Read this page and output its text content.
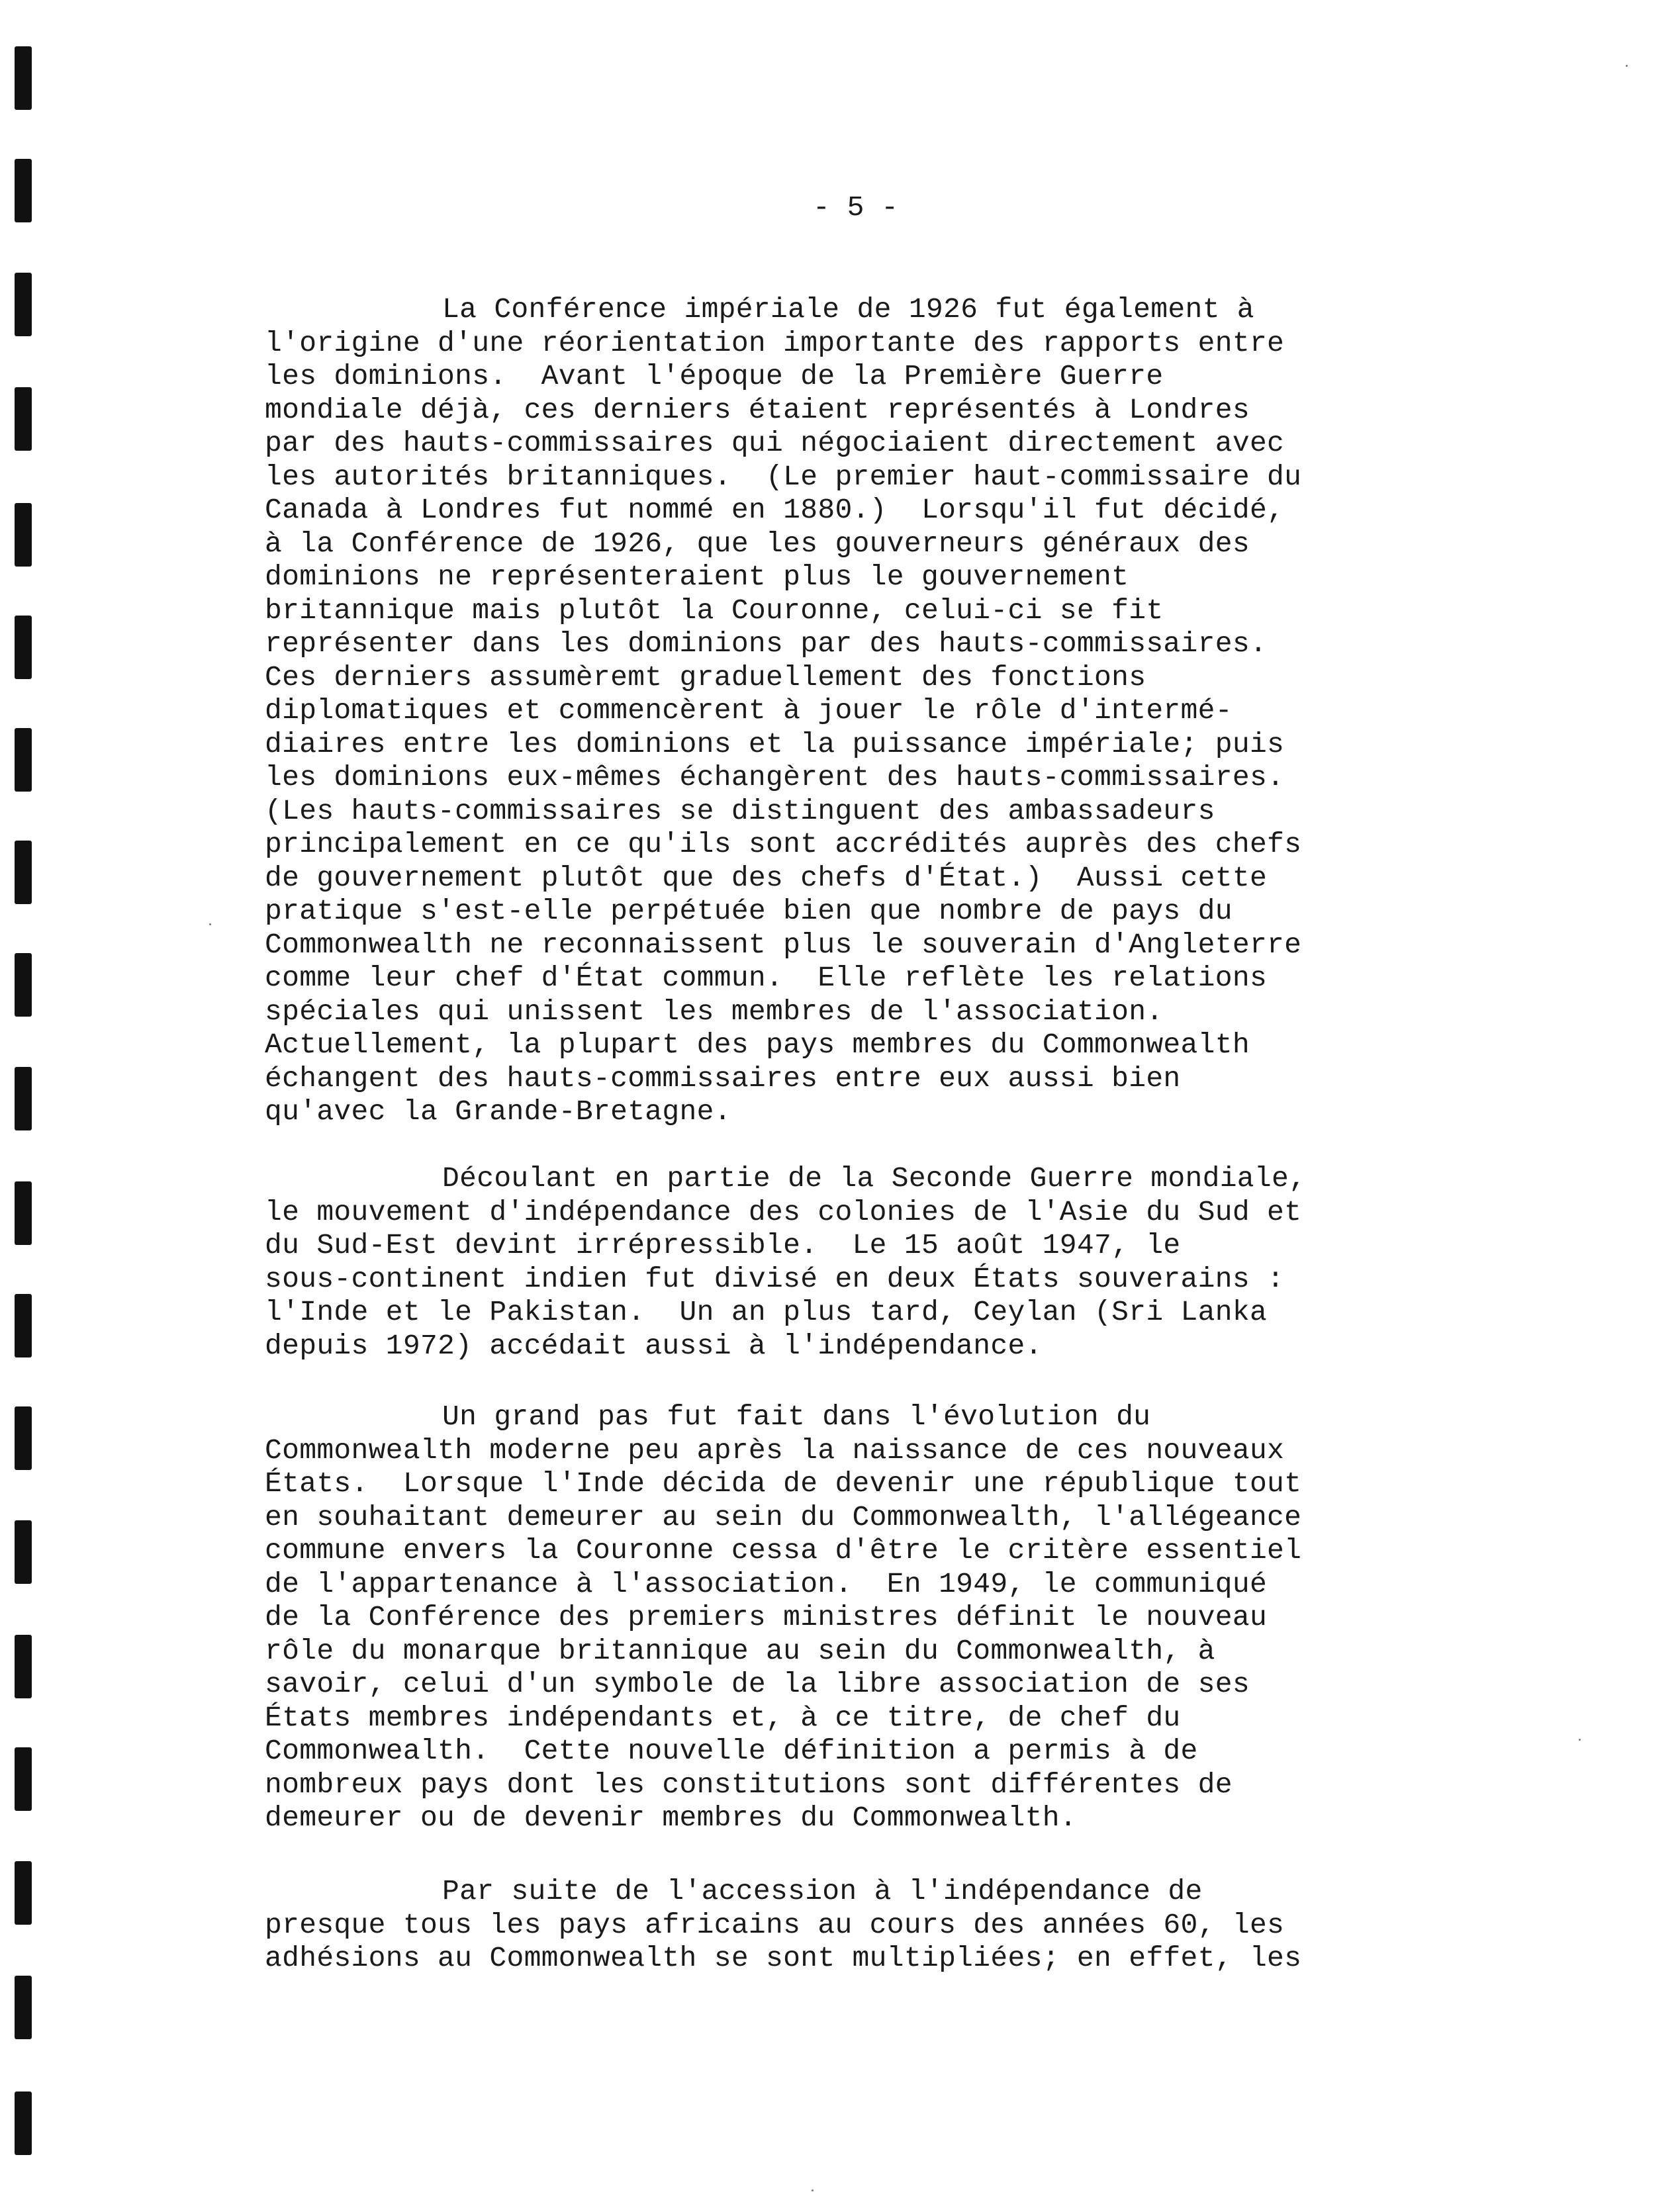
- 5 -
La Conférence impériale de 1926 fut également à
l'origine d'une réorientation importante des rapports entre
les dominions.  Avant l'époque de la Première Guerre
mondiale déjà, ces derniers étaient représentés à Londres
par des hauts-commissaires qui négociaient directement avec
les autorités britanniques.  (Le premier haut-commissaire du
Canada à Londres fut nommé en 1880.)  Lorsqu'il fut décidé,
à la Conférence de 1926, que les gouverneurs généraux des
dominions ne représenteraient plus le gouvernement
britannique mais plutôt la Couronne, celui-ci se fit
représenter dans les dominions par des hauts-commissaires.
Ces derniers assumèremt graduellement des fonctions
diplomatiques et commencèrent à jouer le rôle d'intermé-
diaires entre les dominions et la puissance impériale; puis
les dominions eux-mêmes échangèrent des hauts-commissaires.
(Les hauts-commissaires se distinguent des ambassadeurs
principalement en ce qu'ils sont accrédités auprès des chefs
de gouvernement plutôt que des chefs d'État.)  Aussi cette
pratique s'est-elle perpétuée bien que nombre de pays du
Commonwealth ne reconnaissent plus le souverain d'Angleterre
comme leur chef d'État commun.  Elle reflète les relations
spéciales qui unissent les membres de l'association.
Actuellement, la plupart des pays membres du Commonwealth
échangent des hauts-commissaires entre eux aussi bien
qu'avec la Grande-Bretagne.
Découlant en partie de la Seconde Guerre mondiale,
le mouvement d'indépendance des colonies de l'Asie du Sud et
du Sud-Est devint irrépressible.  Le 15 août 1947, le
sous-continent indien fut divisé en deux États souverains :
l'Inde et le Pakistan.  Un an plus tard, Ceylan (Sri Lanka
depuis 1972) accédait aussi à l'indépendance.
Un grand pas fut fait dans l'évolution du
Commonwealth moderne peu après la naissance de ces nouveaux
États.  Lorsque l'Inde décida de devenir une république tout
en souhaitant demeurer au sein du Commonwealth, l'allégeance
commune envers la Couronne cessa d'être le critère essentiel
de l'appartenance à l'association.  En 1949, le communiqué
de la Conférence des premiers ministres définit le nouveau
rôle du monarque britannique au sein du Commonwealth, à
savoir, celui d'un symbole de la libre association de ses
États membres indépendants et, à ce titre, de chef du
Commonwealth.  Cette nouvelle définition a permis à de
nombreux pays dont les constitutions sont différentes de
demeurer ou de devenir membres du Commonwealth.
Par suite de l'accession à l'indépendance de
presque tous les pays africains au cours des années 60, les
adhésions au Commonwealth se sont multipliées; en effet, les
